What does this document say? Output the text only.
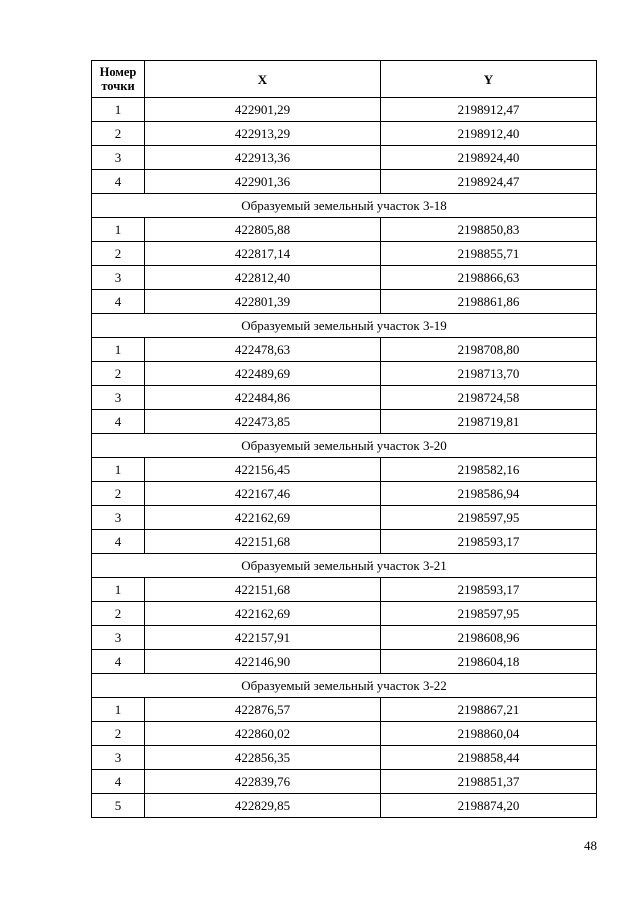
Номер точки	X	Y
1	422901,29	2198912,47
2	422913,29	2198912,40
3	422913,36	2198924,40
4	422901,36	2198924,47
Образуемый земельный участок 3-18		
1	422805,88	2198850,83
2	422817,14	2198855,71
3	422812,40	2198866,63
4	422801,39	2198861,86
Образуемый земельный участок 3-19		
1	422478,63	2198708,80
2	422489,69	2198713,70
3	422484,86	2198724,58
4	422473,85	2198719,81
Образуемый земельный участок 3-20		
1	422156,45	2198582,16
2	422167,46	2198586,94
3	422162,69	2198597,95
4	422151,68	2198593,17
Образуемый земельный участок 3-21		
1	422151,68	2198593,17
2	422162,69	2198597,95
3	422157,91	2198608,96
4	422146,90	2198604,18
Образуемый земельный участок 3-22		
1	422876,57	2198867,21
2	422860,02	2198860,04
3	422856,35	2198858,44
4	422839,76	2198851,37
5	422829,85	2198874,20
48
